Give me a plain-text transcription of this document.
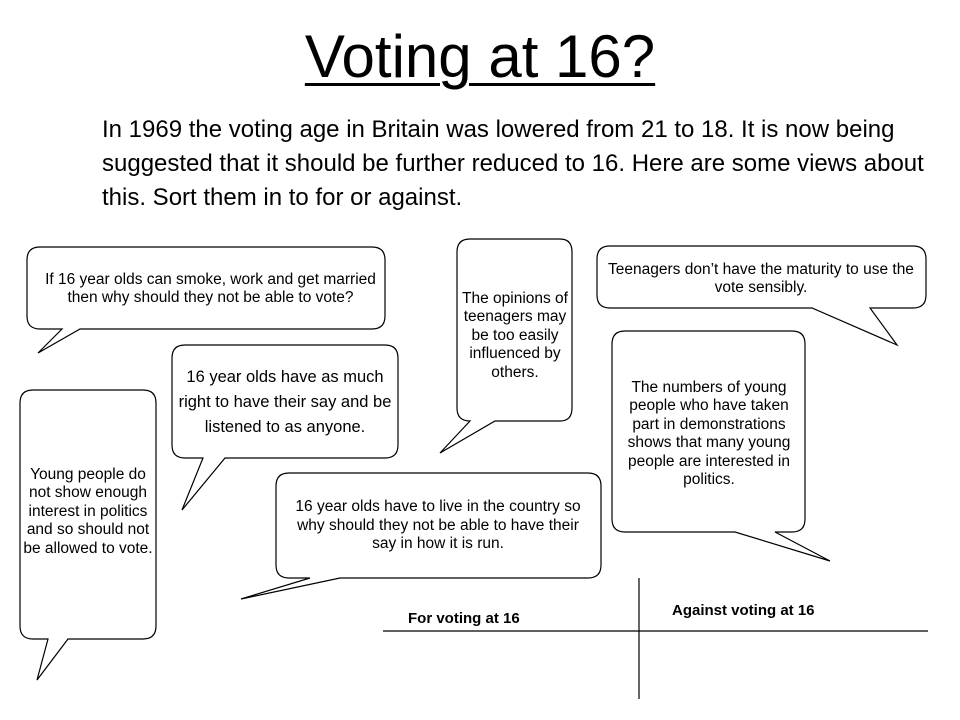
Voting at 16?

In 1969 the voting age in Britain was lowered from 21 to 18. It is now being suggested that it should be further reduced to 16. Here are some views about this. Sort them in to for or against.

If 16 year olds can smoke, work and get married then why should they not be able to vote?	The opinions of teenagers may be too easily influenced by others.
Teenagers don’t have the maturity to use the vote sensibly.
16 year olds have as much right to have their say and be listened to as anyone.
The numbers of young people who have taken part in demonstrations shows that many young people are interested in politics.
Young people do not show enough interest in politics and so should not be allowed to vote.
16 year olds have to live in the country so why should they not be able to have their say in how it is run.
For voting at 16	Against voting at 16
